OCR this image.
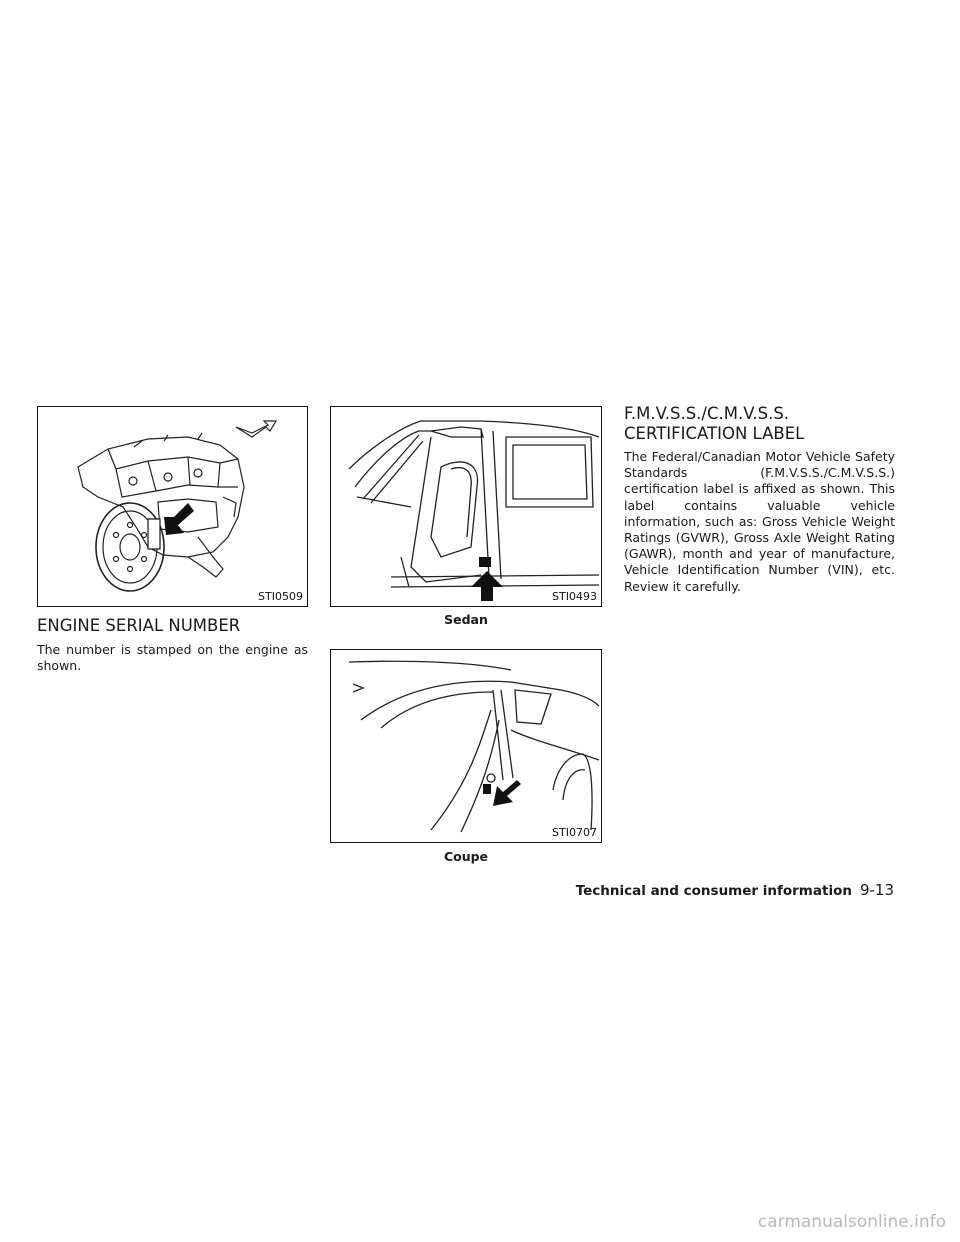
STI0509
ENGINE SERIAL NUMBER

The number is stamped on the engine as shown.

STI0493
Sedan
STI0707
Coupe
F.M.V.S.S./C.M.V.S.S. CERTIFICATION LABEL

The Federal/Canadian Motor Vehicle Safety Standards (F.M.V.S.S./C.M.V.S.S.) certification label is affixed as shown. This label contains valuable vehicle information, such as: Gross Vehicle Weight Ratings (GVWR), Gross Axle Weight Rating (GAWR), month and year of manufacture, Vehicle Identification Number (VIN), etc. Review it carefully.

Technical and consumer information 9-13
carmanualsonline.info
